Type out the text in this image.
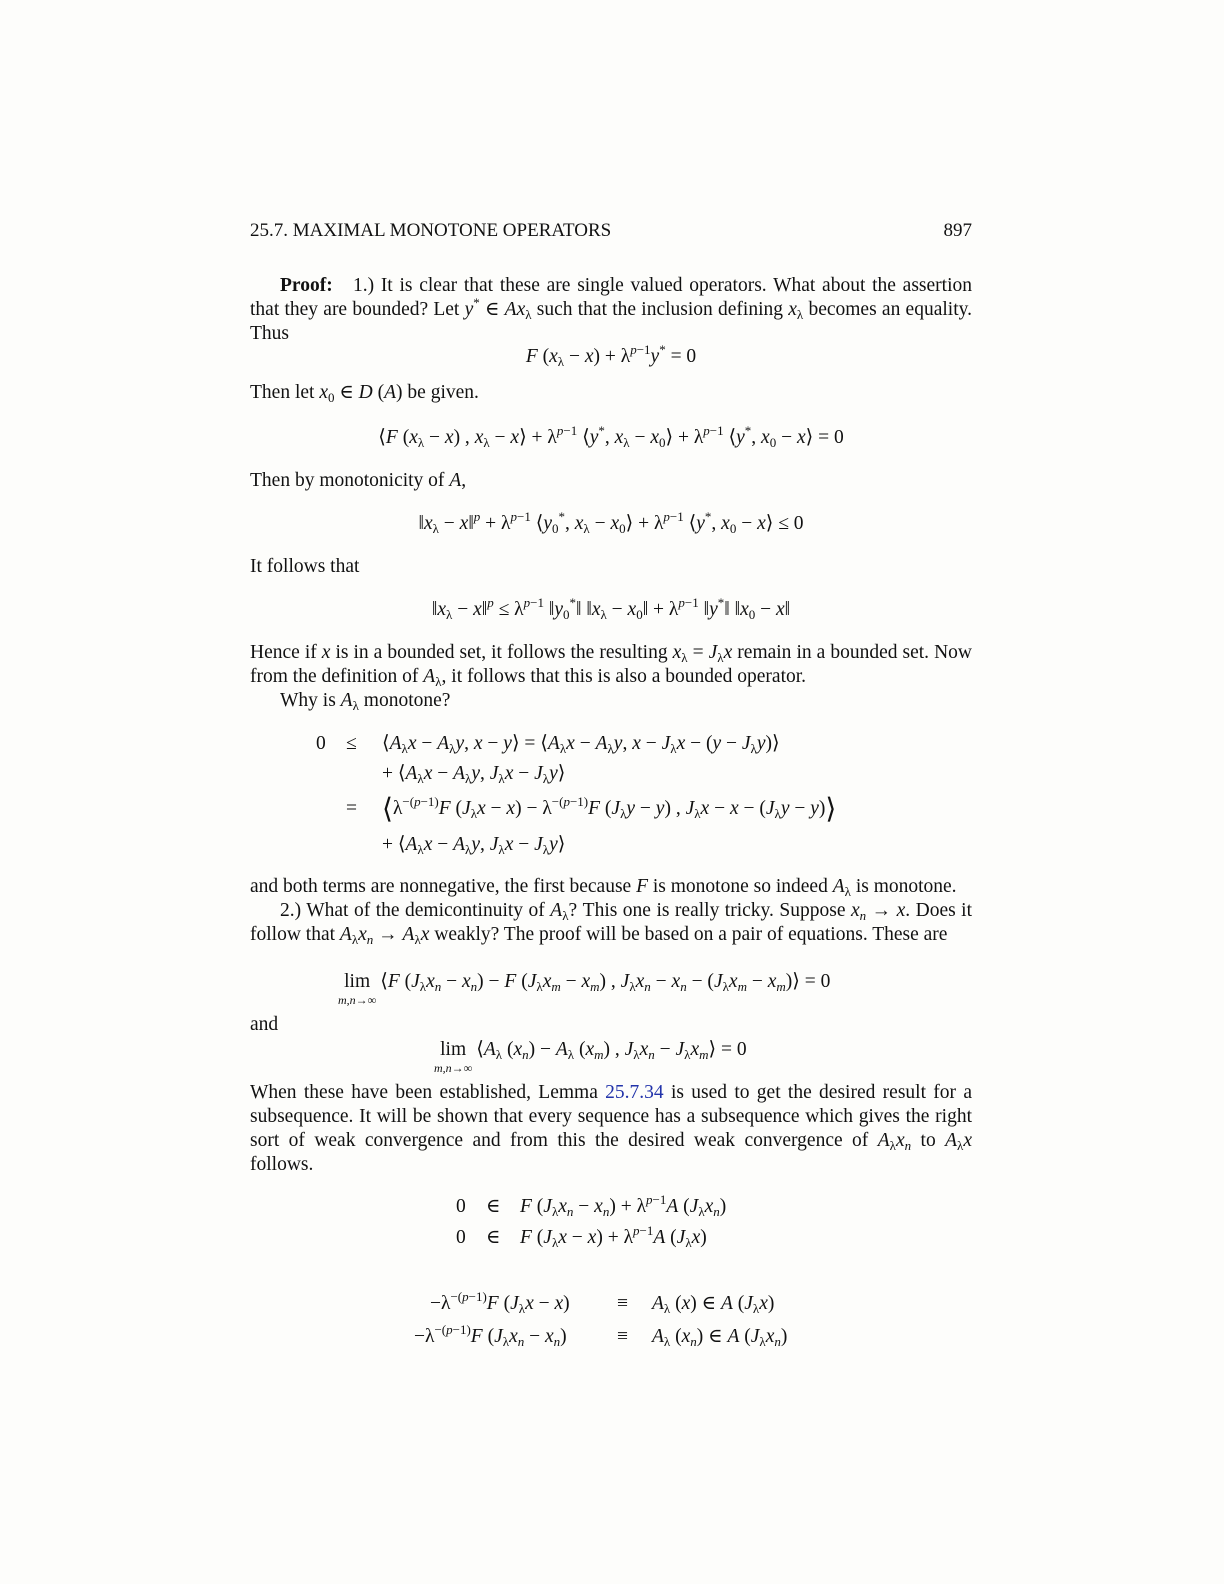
25.7. MAXIMAL MONOTONE OPERATORS	897
Proof: 1.) It is clear that these are single valued operators. What about the assertion that they are bounded? Let y* ∈ $Ax_\lambda$ such that the inclusion defining $x_\lambda$ becomes an equality. Thus
F $(x_\lambda - x) + \lambda^{p-1}y^* = 0$
Then let $x_0$ ∈ D (A) be given.
⟨F $(x_\lambda - x)$ , $x_\lambda$ − x⟩ + $\lambda^{p-1}$ ⟨y*, $x_\lambda$ − $x_0⟩ + \lambda^{p-1}$ ⟨y*, $x_0$ − x⟩ = 0
Then by monotonicity of A,
$‖x_\lambda$ − x‖$^p$ + $\lambda^{p-1}$ $⟨y_0^*$, $x_\lambda$ − $x_0⟩ + \lambda^{p-1}$ ⟨y*, $x_0$ − x⟩ ≤ 0
It follows that
$‖x_\lambda$ − x‖$^p$ ≤ $\lambda^{p-1}$ $‖y_0^*‖$ $‖x_\lambda$ − $x_0‖ + \lambda^{p-1}$ ‖y*‖ $‖x_0$ − x‖
Hence if x is in a bounded set, it follows the resulting $x_\lambda = J_\lambda x$ remain in a bounded set. Now from the definition of $A_\lambda$, it follows that this is also a bounded operator.
Why is $A_\lambda$ monotone?
$0 \le ⟨A_\lambda x - A_\lambda y$, x − y⟩ = $⟨A_\lambda x - A_\lambda y$, $x - J_\lambda x - (y$ − $J_\lambda y)⟩$
+ $⟨A_\lambda x - A_\lambda y$, $J_\lambda x$ − $J_\lambda y⟩$
= $⟨\lambda^{-(p-1)}F$ $(J_\lambda x - x) - \lambda^{-(p-1)}F$ $(J_\lambda y - y)$ , $J_\lambda x - x - (J_\lambda y$ − y)⟩
+ $⟨A_\lambda x - A_\lambda y$, $J_\lambda x$ − $J_\lambda y⟩$
and both terms are nonnegative, the first because F is monotone so indeed $A_\lambda$ is monotone.
2.) What of the demicontinuity of $A_\lambda$? This one is really tricky. Suppose $x_n \to x$. Does it follow that $A_\lambda x_n \to A_\lambda x$ weakly? The proof will be based on a pair of equations. These are
lim
m,n→∞
⟨F $(J_\lambda x_n - x_n) - F$ $(J_\lambda x_m - x_m)$ , $J_\lambda x_n - x_n - (J_\lambda x_m$ − $x_m)⟩ = 0$
and
lim
m,n→∞
$⟨A_\lambda$ $(x_n) - A_\lambda$ $(x_m)$ , $J_\lambda x_n$ − $J_\lambda x_m⟩ = 0$
When these have been established, Lemma 25.7.34 is used to get the desired result for a subsequence. It will be shown that every sequence has a subsequence which gives the right sort of weak convergence and from this the desired weak convergence of $A_\lambda x_n$ to $A_\lambda x$ follows.
0 ∈ F $(J_\lambda x_n - x_n) + \lambda^{p-1}A$ $(J_\lambda x_n)$
0 ∈ F $(J_\lambda x - x) + \lambda^{p-1}A$ $(J_\lambda x)$
$-\lambda^{-(p-1)}F$ $(J_\lambda x - x) \equiv A_\lambda$ (x) ∈ A $(J_\lambda x)$
$-\lambda^{-(p-1)}F$ $(J_\lambda x_n - x_n)$	≡ $A_\lambda$ $(x_n)$ ∈ A $(J_\lambda x_n)$
